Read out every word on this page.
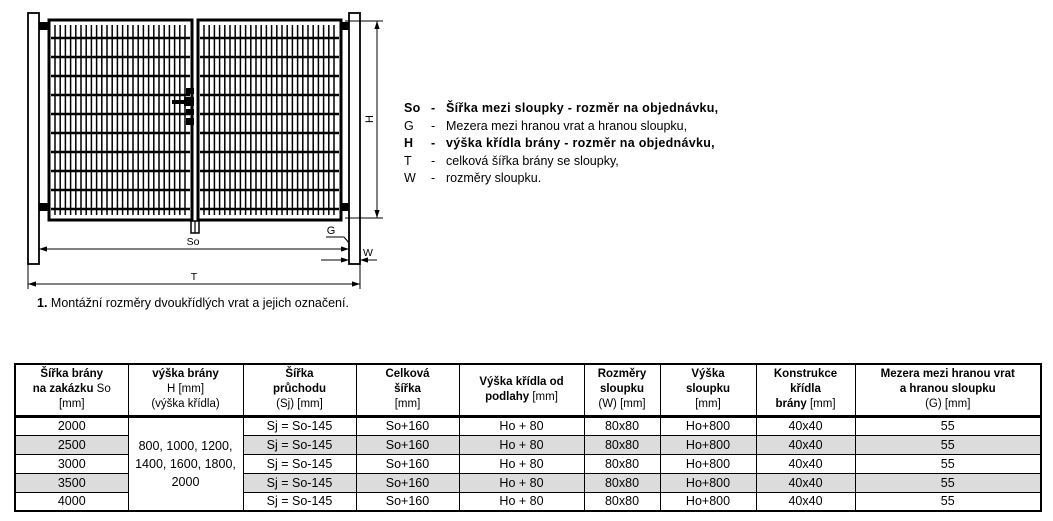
H
G
So
W
T
So - Šířka mezi sloupky - rozměr na objednávku,
G	- Mezera mezi hranou vrat a hranou sloupku,
H	- výška křídla brány - rozměr na objednávku,
T	- celková šířka brány se sloupky,
W	- rozměry sloupku.
1. Montážní rozměry dvoukřídlých vrat a jejich označení.
Šířka brány
na zakázku So
[mm]	výška brány
H [mm]
(výška křídla)	Šířka
průchodu
(Sj) [mm]	Celková
šířka
[mm]	Výška křídla od
podlahy [mm]	Rozměry
sloupku
(W) [mm]	Výška
sloupku
[mm]	Konstrukce
křídla
brány [mm]	Mezera mezi hranou vrat
a hranou sloupku
(G) [mm]

2000	800, 1000, 1200, 1400, 1600, 1800, 2000	Sj = So-145	So+160	Ho + 80	80x80	Ho+800	40x40	55
2500		Sj = So-145	So+160	Ho + 80	80x80	Ho+800	40x40	55
3000		Sj = So-145	So+160	Ho + 80	80x80	Ho+800	40x40	55
3500		Sj = So-145	So+160	Ho + 80	80x80	Ho+800	40x40	55
4000		Sj = So-145	So+160	Ho + 80	80x80	Ho+800	40x40	55
